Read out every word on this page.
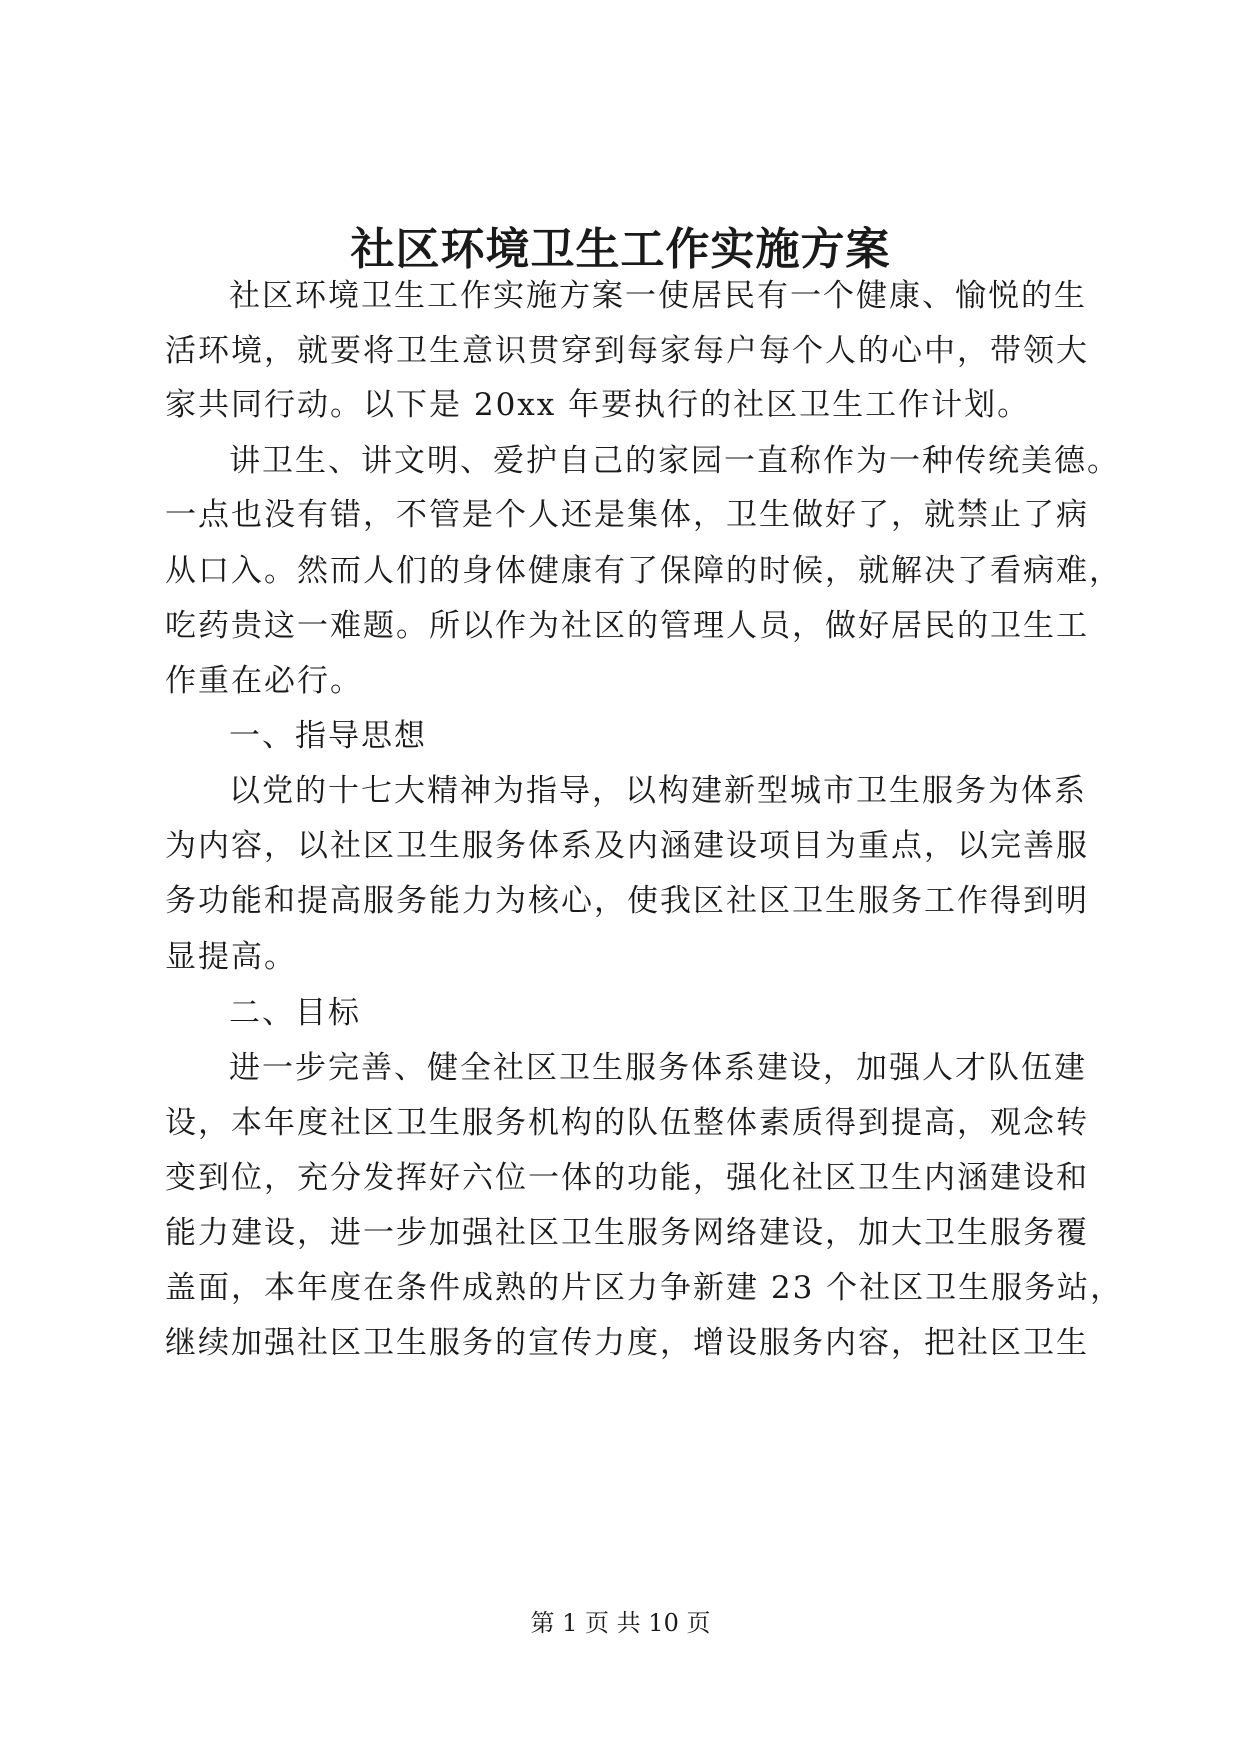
社区环境卫生工作实施方案
社区环境卫生工作实施方案一使居民有一个健康、愉悦的生
活环境，就要将卫生意识贯穿到每家每户每个人的心中，带领大
家共同行动。以下是 20xx 年要执行的社区卫生工作计划。
讲卫生、讲文明、爱护自己的家园一直称作为一种传统美德。
一点也没有错，不管是个人还是集体，卫生做好了，就禁止了病
从口入。然而人们的身体健康有了保障的时候，就解决了看病难，
吃药贵这一难题。所以作为社区的管理人员，做好居民的卫生工
作重在必行。
一、指导思想
以党的十七大精神为指导，以构建新型城市卫生服务为体系
为内容，以社区卫生服务体系及内涵建设项目为重点，以完善服
务功能和提高服务能力为核心，使我区社区卫生服务工作得到明
显提高。
二、目标
进一步完善、健全社区卫生服务体系建设，加强人才队伍建
设，本年度社区卫生服务机构的队伍整体素质得到提高，观念转
变到位，充分发挥好六位一体的功能，强化社区卫生内涵建设和
能力建设，进一步加强社区卫生服务网络建设，加大卫生服务覆
盖面，本年度在条件成熟的片区力争新建 23 个社区卫生服务站，
继续加强社区卫生服务的宣传力度，增设服务内容，把社区卫生
第 1 页 共 10 页
